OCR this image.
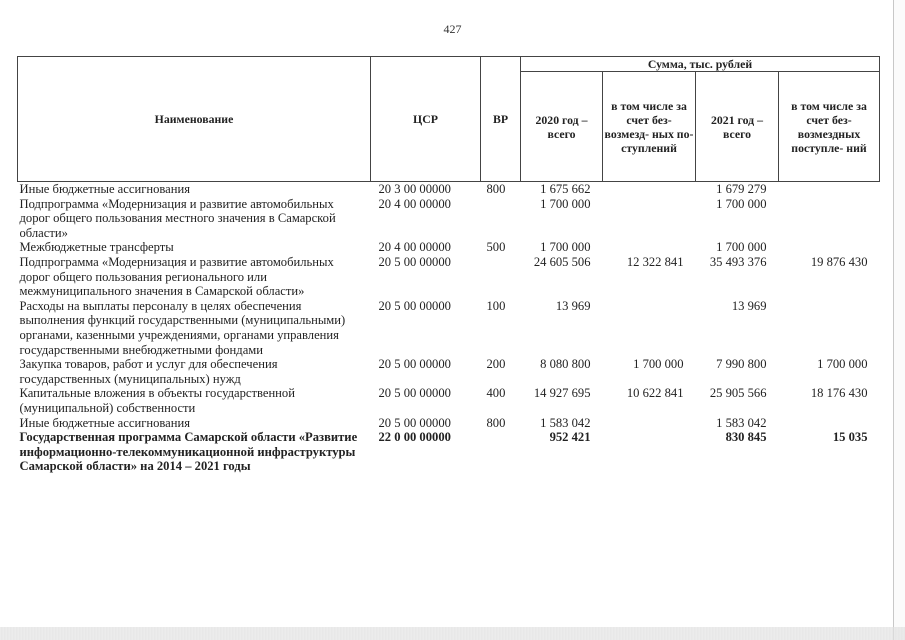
427
Наименование	ЦСР	ВР	Сумма, тыс. рублей			
			2020 год – всего	в том числе за счет без- возмезд- ных по- ступлений	2021 год – всего	в том числе за счет без- возмездных поступле- ний
Иные бюджетные ассигнования	20 3 00 00000	800	1 675 662		1 679 279	
Подпрограмма «Модернизация и развитие автомобильных дорог общего пользования местного значения в Самарской области»	20 4 00 00000		1 700 000		1 700 000	
Межбюджетные трансферты	20 4 00 00000	500	1 700 000		1 700 000	
Подпрограмма «Модернизация и развитие автомобильных дорог общего пользования регионального или межмуниципального значения в Самарской области»	20 5 00 00000		24 605 506	12 322 841	35 493 376	19 876 430
Расходы на выплаты персоналу в целях обеспечения выполнения функций государственными (муниципальными) органами, казенными учреждениями, органами управления государственными внебюджетными фондами	20 5 00 00000	100	13 969		13 969	
Закупка товаров, работ и услуг для обеспечения государственных (муниципальных) нужд	20 5 00 00000	200	8 080 800	1 700 000	7 990 800	1 700 000
Капитальные вложения в объекты государственной (муниципальной) собственности	20 5 00 00000	400	14 927 695	10 622 841	25 905 566	18 176 430
Иные бюджетные ассигнования	20 5 00 00000	800	1 583 042		1 583 042	
Государственная программа Самарской области «Развитие информационно-телекоммуникационной инфраструктуры Самарской области» на 2014 – 2021 годы	22 0 00 00000		952 421		830 845	15 035
